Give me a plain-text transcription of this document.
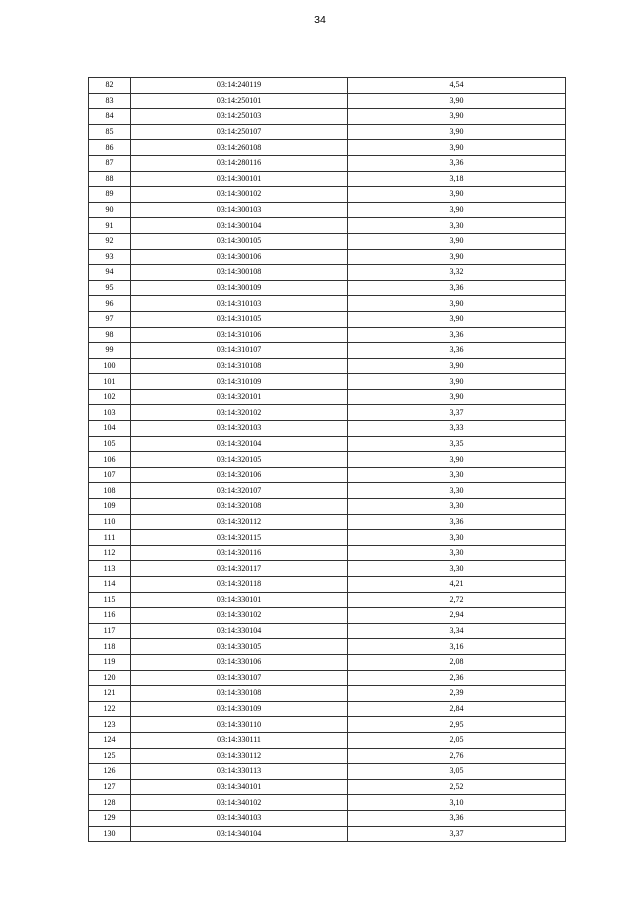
34
82	03:14:240119	4,54
83	03:14:250101	3,90
84	03:14:250103	3,90
85	03:14:250107	3,90
86	03:14:260108	3,90
87	03:14:280116	3,36
88	03:14:300101	3,18
89	03:14:300102	3,90
90	03:14:300103	3,90
91	03:14:300104	3,30
92	03:14:300105	3,90
93	03:14:300106	3,90
94	03:14:300108	3,32
95	03:14:300109	3,36
96	03:14:310103	3,90
97	03:14:310105	3,90
98	03:14:310106	3,36
99	03:14:310107	3,36
100	03:14:310108	3,90
101	03:14:310109	3,90
102	03:14:320101	3,90
103	03:14:320102	3,37
104	03:14:320103	3,33
105	03:14:320104	3,35
106	03:14:320105	3,90
107	03:14:320106	3,30
108	03:14:320107	3,30
109	03:14:320108	3,30
110	03:14:320112	3,36
111	03:14:320115	3,30
112	03:14:320116	3,30
113	03:14:320117	3,30
114	03:14:320118	4,21
115	03:14:330101	2,72
116	03:14:330102	2,94
117	03:14:330104	3,34
118	03:14:330105	3,16
119	03:14:330106	2,08
120	03:14:330107	2,36
121	03:14:330108	2,39
122	03:14:330109	2,84
123	03:14:330110	2,95
124	03:14:330111	2,05
125	03:14:330112	2,76
126	03:14:330113	3,05
127	03:14:340101	2,52
128	03:14:340102	3,10
129	03:14:340103	3,36
130	03:14:340104	3,37
